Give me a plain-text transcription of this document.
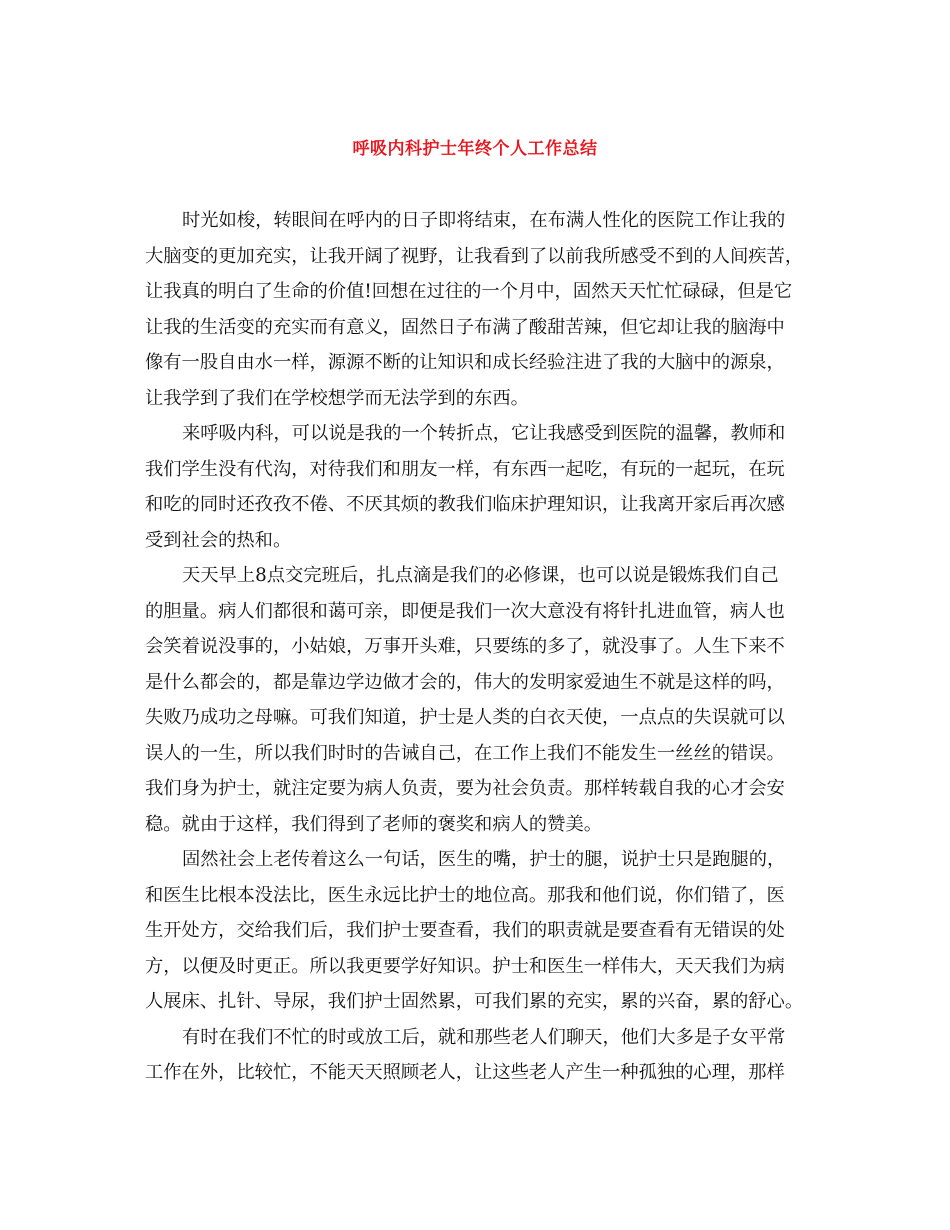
呼吸内科护士年终个人工作总结
时光如梭，转眼间在呼内的日子即将结束，在布满人性化的医院工作让我的
大脑变的更加充实，让我开阔了视野，让我看到了以前我所感受不到的人间疾苦，
让我真的明白了生命的价值!回想在过往的一个月中，固然天天忙忙碌碌，但是它
让我的生活变的充实而有意义，固然日子布满了酸甜苦辣，但它却让我的脑海中
像有一股自由水一样，源源不断的让知识和成长经验注进了我的大脑中的源泉，
让我学到了我们在学校想学而无法学到的东西。
来呼吸内科，可以说是我的一个转折点，它让我感受到医院的温馨，教师和
我们学生没有代沟，对待我们和朋友一样，有东西一起吃，有玩的一起玩，在玩
和吃的同时还孜孜不倦、不厌其烦的教我们临床护理知识，让我离开家后再次感
受到社会的热和。
天天早上8点交完班后，扎点滴是我们的必修课，也可以说是锻炼我们自己
的胆量。病人们都很和蔼可亲，即便是我们一次大意没有将针扎进血管，病人也
会笑着说没事的，小姑娘，万事开头难，只要练的多了，就没事了。人生下来不
是什么都会的，都是靠边学边做才会的，伟大的发明家爱迪生不就是这样的吗，
失败乃成功之母嘛。可我们知道，护士是人类的白衣天使，一点点的失误就可以
误人的一生，所以我们时时的告诫自己，在工作上我们不能发生一丝丝的错误。
我们身为护士，就注定要为病人负责，要为社会负责。那样转载自我的心才会安
稳。就由于这样，我们得到了老师的褒奖和病人的赞美。
固然社会上老传着这么一句话，医生的嘴，护士的腿，说护士只是跑腿的，
和医生比根本没法比，医生永远比护士的地位高。那我和他们说，你们错了，医
生开处方，交给我们后，我们护士要查看，我们的职责就是要查看有无错误的处
方，以便及时更正。所以我更要学好知识。护士和医生一样伟大，天天我们为病
人展床、扎针、导尿，我们护士固然累，可我们累的充实，累的兴奋，累的舒心。
有时在我们不忙的时或放工后，就和那些老人们聊天，他们大多是子女平常
工作在外，比较忙，不能天天照顾老人，让这些老人产生一种孤独的心理，那样
